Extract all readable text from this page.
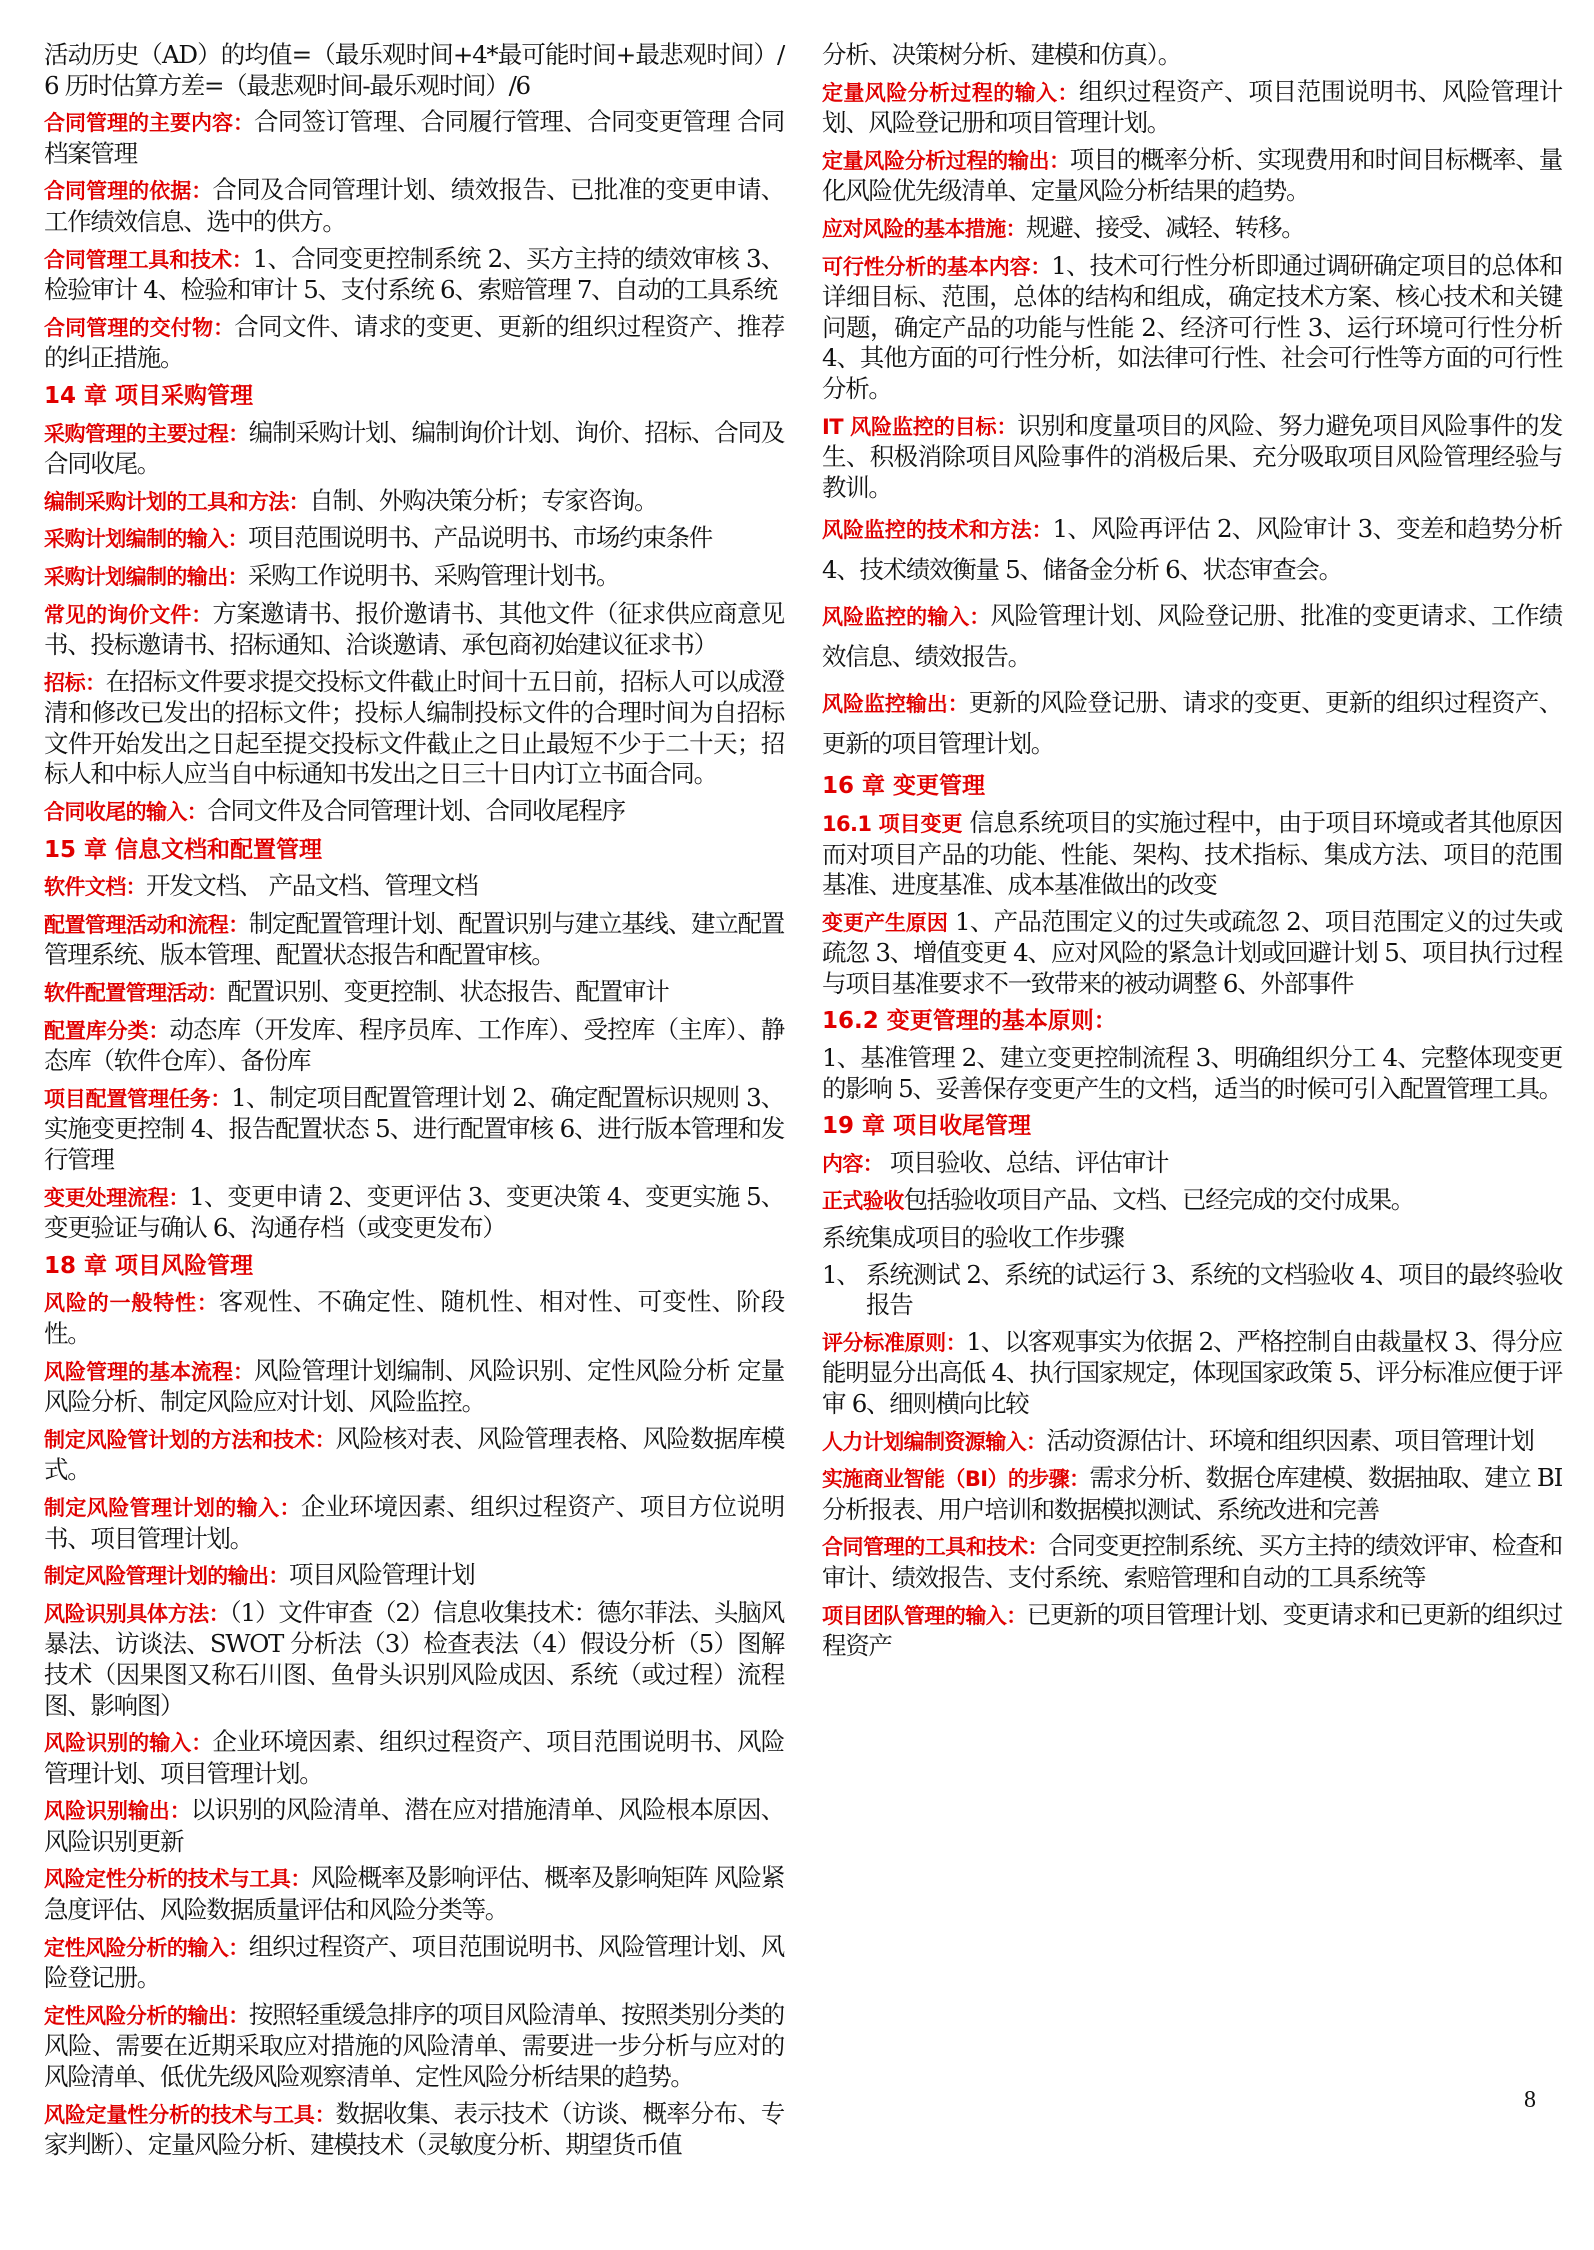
活动历史（AD）的均值=（最乐观时间+4*最可能时间+最悲观时间）/6 历时估算方差=（最悲观时间-最乐观时间）/6
合同管理的主要内容：合同签订管理、合同履行管理、合同变更管理 合同档案管理
合同管理的依据：合同及合同管理计划、绩效报告、已批准的变更申请、工作绩效信息、选中的供方。
合同管理工具和技术：1、合同变更控制系统 2、买方主持的绩效审核 3、检验审计 4、检验和审计 5、支付系统 6、索赔管理 7、自动的工具系统
合同管理的交付物：合同文件、请求的变更、更新的组织过程资产、推荐的纠正措施。
14 章 项目采购管理
采购管理的主要过程：编制采购计划、编制询价计划、询价、招标、合同及合同收尾。
编制采购计划的工具和方法：自制、外购决策分析；专家咨询。
采购计划编制的输入：项目范围说明书、产品说明书、市场约束条件
采购计划编制的输出：采购工作说明书、采购管理计划书。
常见的询价文件：方案邀请书、报价邀请书、其他文件（征求供应商意见书、投标邀请书、招标通知、洽谈邀请、承包商初始建议征求书）
招标：在招标文件要求提交投标文件截止时间十五日前，招标人可以成澄清和修改已发出的招标文件；投标人编制投标文件的合理时间为自招标文件开始发出之日起至提交投标文件截止之日止最短不少于二十天；招标人和中标人应当自中标通知书发出之日三十日内订立书面合同。
合同收尾的输入：合同文件及合同管理计划、合同收尾程序
15 章 信息文档和配置管理
软件文档：开发文档、 产品文档、管理文档
配置管理活动和流程：制定配置管理计划、配置识别与建立基线、建立配置管理系统、版本管理、配置状态报告和配置审核。
软件配置管理活动：配置识别、变更控制、状态报告、配置审计
配置库分类：动态库（开发库、程序员库、工作库）、受控库（主库）、静态库（软件仓库）、备份库
项目配置管理任务：1、制定项目配置管理计划 2、确定配置标识规则 3、实施变更控制 4、报告配置状态 5、进行配置审核 6、进行版本管理和发行管理
变更处理流程：1、变更申请 2、变更评估 3、变更决策 4、变更实施 5、变更验证与确认 6、沟通存档（或变更发布）
18 章 项目风险管理
风险的一般特性：客观性、不确定性、随机性、相对性、可变性、阶段性。
风险管理的基本流程：风险管理计划编制、风险识别、定性风险分析 定量风险分析、制定风险应对计划、风险监控。
制定风险管计划的方法和技术：风险核对表、风险管理表格、风险数据库模式。
制定风险管理计划的输入：企业环境因素、组织过程资产、项目方位说明书、项目管理计划。
制定风险管理计划的输出：项目风险管理计划
风险识别具体方法：（1）文件审查（2）信息收集技术：德尔菲法、头脑风暴法、访谈法、SWOT 分析法（3）检查表法（4）假设分析（5）图解技术（因果图又称石川图、鱼骨头识别风险成因、系统（或过程）流程图、影响图）
风险识别的输入：企业环境因素、组织过程资产、项目范围说明书、风险管理计划、项目管理计划。
风险识别输出：以识别的风险清单、潜在应对措施清单、风险根本原因、风险识别更新
风险定性分析的技术与工具：风险概率及影响评估、概率及影响矩阵 风险紧急度评估、风险数据质量评估和风险分类等。
定性风险分析的输入：组织过程资产、项目范围说明书、风险管理计划、风险登记册。
定性风险分析的输出：按照轻重缓急排序的项目风险清单、按照类别分类的风险、需要在近期采取应对措施的风险清单、需要进一步分析与应对的风险清单、低优先级风险观察清单、定性风险分析结果的趋势。
风险定量性分析的技术与工具：数据收集、表示技术（访谈、概率分布、专家判断）、定量风险分析、建模技术（灵敏度分析、期望货币值
分析、决策树分析、建模和仿真）。
定量风险分析过程的输入：组织过程资产、项目范围说明书、风险管理计划、风险登记册和项目管理计划。
定量风险分析过程的输出：项目的概率分析、实现费用和时间目标概率、量化风险优先级清单、定量风险分析结果的趋势。
应对风险的基本措施：规避、接受、减轻、转移。
可行性分析的基本内容：1、技术可行性分析即通过调研确定项目的总体和详细目标、范围，总体的结构和组成，确定技术方案、核心技术和关键问题，确定产品的功能与性能 2、经济可行性 3、运行环境可行性分析 4、其他方面的可行性分析，如法律可行性、社会可行性等方面的可行性分析。
IT 风险监控的目标：识别和度量项目的风险、努力避免项目风险事件的发生、积极消除项目风险事件的消极后果、充分吸取项目风险管理经验与教训。
风险监控的技术和方法：1、风险再评估 2、风险审计 3、变差和趋势分析 4、技术绩效衡量 5、储备金分析 6、状态审查会。
风险监控的输入：风险管理计划、风险登记册、批准的变更请求、工作绩效信息、绩效报告。
风险监控输出：更新的风险登记册、请求的变更、更新的组织过程资产、更新的项目管理计划。
16 章 变更管理
16.1 项目变更 信息系统项目的实施过程中，由于项目环境或者其他原因而对项目产品的功能、性能、架构、技术指标、集成方法、项目的范围基准、进度基准、成本基准做出的改变
变更产生原因 1、产品范围定义的过失或疏忽 2、项目范围定义的过失或疏忽 3、增值变更 4、应对风险的紧急计划或回避计划 5、项目执行过程与项目基准要求不一致带来的被动调整 6、外部事件
16.2 变更管理的基本原则：
1、基准管理 2、建立变更控制流程 3、明确组织分工 4、完整体现变更的影响 5、妥善保存变更产生的文档，适当的时候可引入配置管理工具。
19 章 项目收尾管理
内容： 项目验收、总结、评估审计
正式验收包括验收项目产品、文档、已经完成的交付成果。
系统集成项目的验收工作步骤
1、 系统测试 2、系统的试运行 3、系统的文档验收 4、项目的最终验收报告
评分标准原则：1、以客观事实为依据 2、严格控制自由裁量权 3、得分应能明显分出高低 4、执行国家规定，体现国家政策 5、评分标准应便于评审 6、细则横向比较
人力计划编制资源输入：活动资源估计、环境和组织因素、项目管理计划
实施商业智能（BI）的步骤：需求分析、数据仓库建模、数据抽取、建立 BI 分析报表、用户培训和数据模拟测试、系统改进和完善
合同管理的工具和技术：合同变更控制系统、买方主持的绩效评审、检查和审计、绩效报告、支付系统、索赔管理和自动的工具系统等
项目团队管理的输入：已更新的项目管理计划、变更请求和已更新的组织过程资产
8
